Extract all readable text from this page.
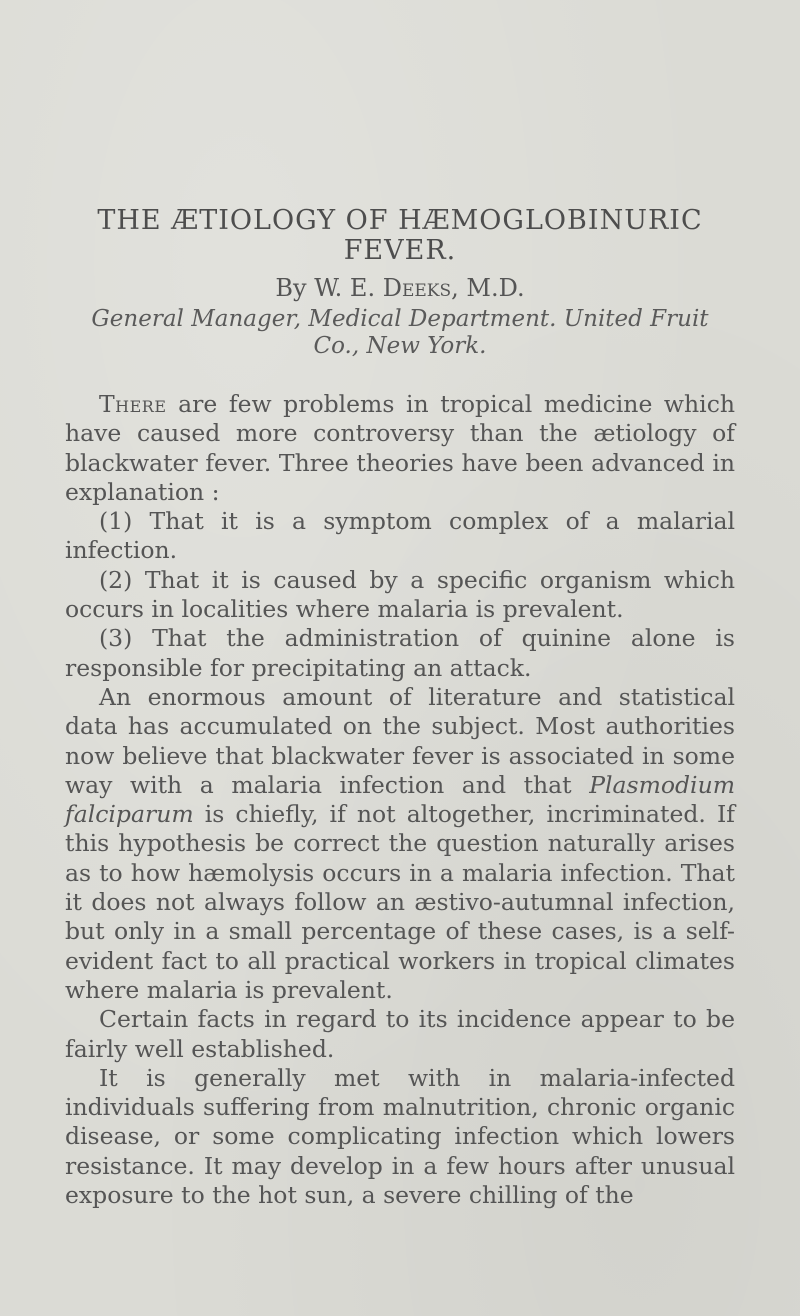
THE ÆTIOLOGY OF HÆMOGLOBINURIC FEVER.

By W. E. Deeks, M.D.

General Manager, Medical Department. United Fruit Co., New York.

There are few problems in tropical medicine which have caused more controversy than the ætiology of blackwater fever. Three theories have been advanced in explanation :

(1) That it is a symptom complex of a malarial infection.

(2) That it is caused by a specific organism which occurs in localities where malaria is prevalent.

(3) That the administration of quinine alone is responsible for precipitating an attack.

An enormous amount of literature and statistical data has accumulated on the subject. Most authorities now believe that blackwater fever is associated in some way with a malaria infection and that Plasmodium falciparum is chiefly, if not altogether, incriminated. If this hypothesis be correct the question naturally arises as to how hæmolysis occurs in a malaria infection. That it does not always follow an æstivo-autumnal infection, but only in a small percentage of these cases, is a self-evident fact to all practical workers in tropical climates where malaria is prevalent.

Certain facts in regard to its incidence appear to be fairly well established.

It is generally met with in malaria-infected individuals suffering from malnutrition, chronic organic disease, or some complicating infection which lowers resistance. It may develop in a few hours after unusual exposure to the hot sun, a severe chilling of the
